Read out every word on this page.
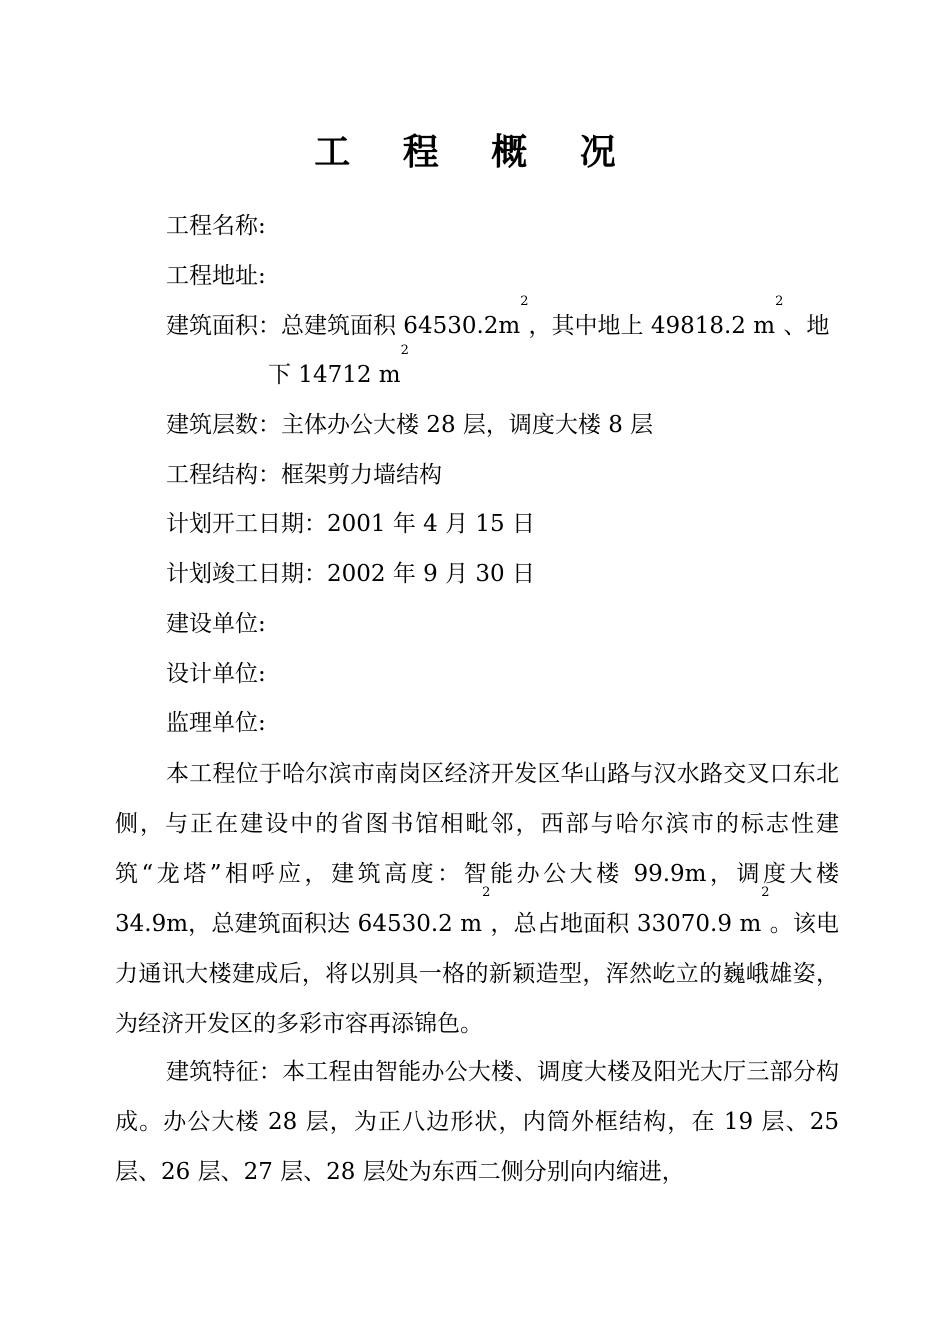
工 程 概 况
工程名称:
工程地址:
建筑面积：总建筑面积 $64530.2m^2$，其中地上 49818.2 $m^2$、地
下 14712 $m^2$
建筑层数：主体办公大楼 28 层，调度大楼 8 层
工程结构：框架剪力墙结构
计划开工日期：2001 年 4 月 15 日
计划竣工日期：2002 年 9 月 30 日
建设单位:
设计单位:
监理单位:
本工程位于哈尔滨市南岗区经济开发区华山路与汉水路交叉口东北侧，与正在建设中的省图书馆相毗邻，西部与哈尔滨市的标志性建筑“龙塔”相呼应，建筑高度：智能办公大楼 99.9m，调度大楼 34.9m，总建筑面积达 64530.2 $m^2$，总占地面积 33070.9 $m^2$。该电力通讯大楼建成后，将以别具一格的新颖造型，浑然屹立的巍峨雄姿，为经济开发区的多彩市容再添锦色。
建筑特征：本工程由智能办公大楼、调度大楼及阳光大厅三部分构成。办公大楼 28 层，为正八边形状，内筒外框结构，在 19 层、25 层、26 层、27 层、28 层处为东西二侧分别向内缩进，
